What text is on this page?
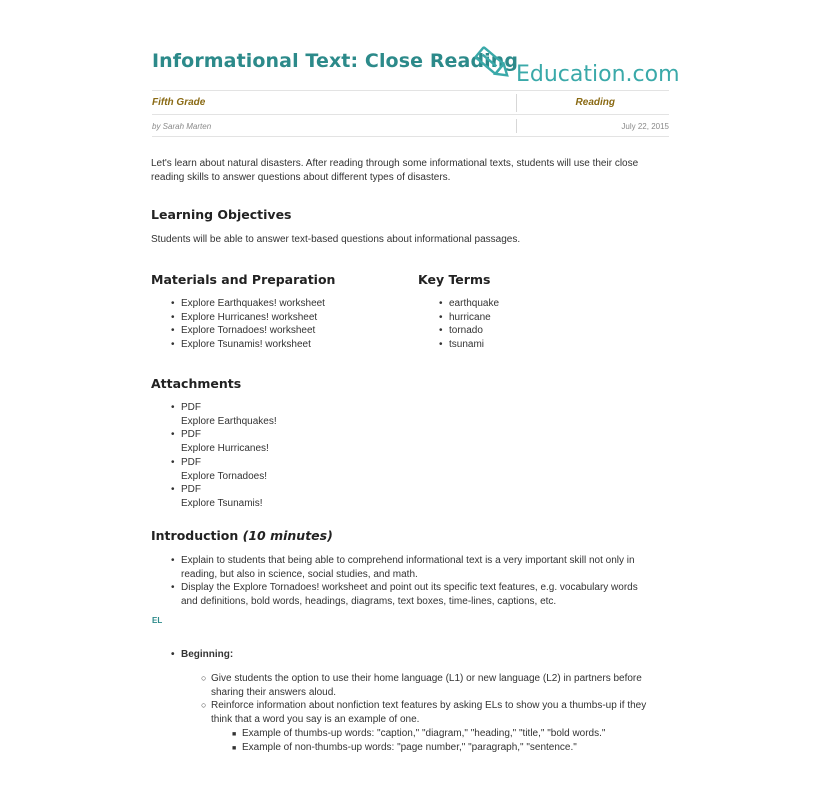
Informational Text: Close Reading
Education.com
Fifth Grade	Reading
by Sarah Marten	July 22, 2015
Let's learn about natural disasters. After reading through some informational texts, students will use their close
reading skills to answer questions about different types of disasters.
Learning Objectives
Students will be able to answer text-based questions about informational passages.
Materials and Preparation
• Explore Earthquakes! worksheet
• Explore Hurricanes! worksheet
• Explore Tornadoes! worksheet
• Explore Tsunamis! worksheet
Key Terms
• earthquake
• hurricane
• tornado
• tsunami
Attachments
• PDF
Explore Earthquakes!
• PDF
Explore Hurricanes!
• PDF
Explore Tornadoes!
• PDF
Explore Tsunamis!
Introduction (10 minutes)
• Explain to students that being able to comprehend informational text is a very important skill not only in
reading, but also in science, social studies, and math.
• Display the Explore Tornadoes! worksheet and point out its specific text features, e.g. vocabulary words
and definitions, bold words, headings, diagrams, text boxes, time-lines, captions, etc.
EL
• Beginning:
○ Give students the option to use their home language (L1) or new language (L2) in partners before
sharing their answers aloud.
○ Reinforce information about nonfiction text features by asking ELs to show you a thumbs-up if they
think that a word you say is an example of one.
■ Example of thumbs-up words: "caption," "diagram," "heading," "title," "bold words."
■ Example of non-thumbs-up words: "page number," "paragraph," "sentence."
